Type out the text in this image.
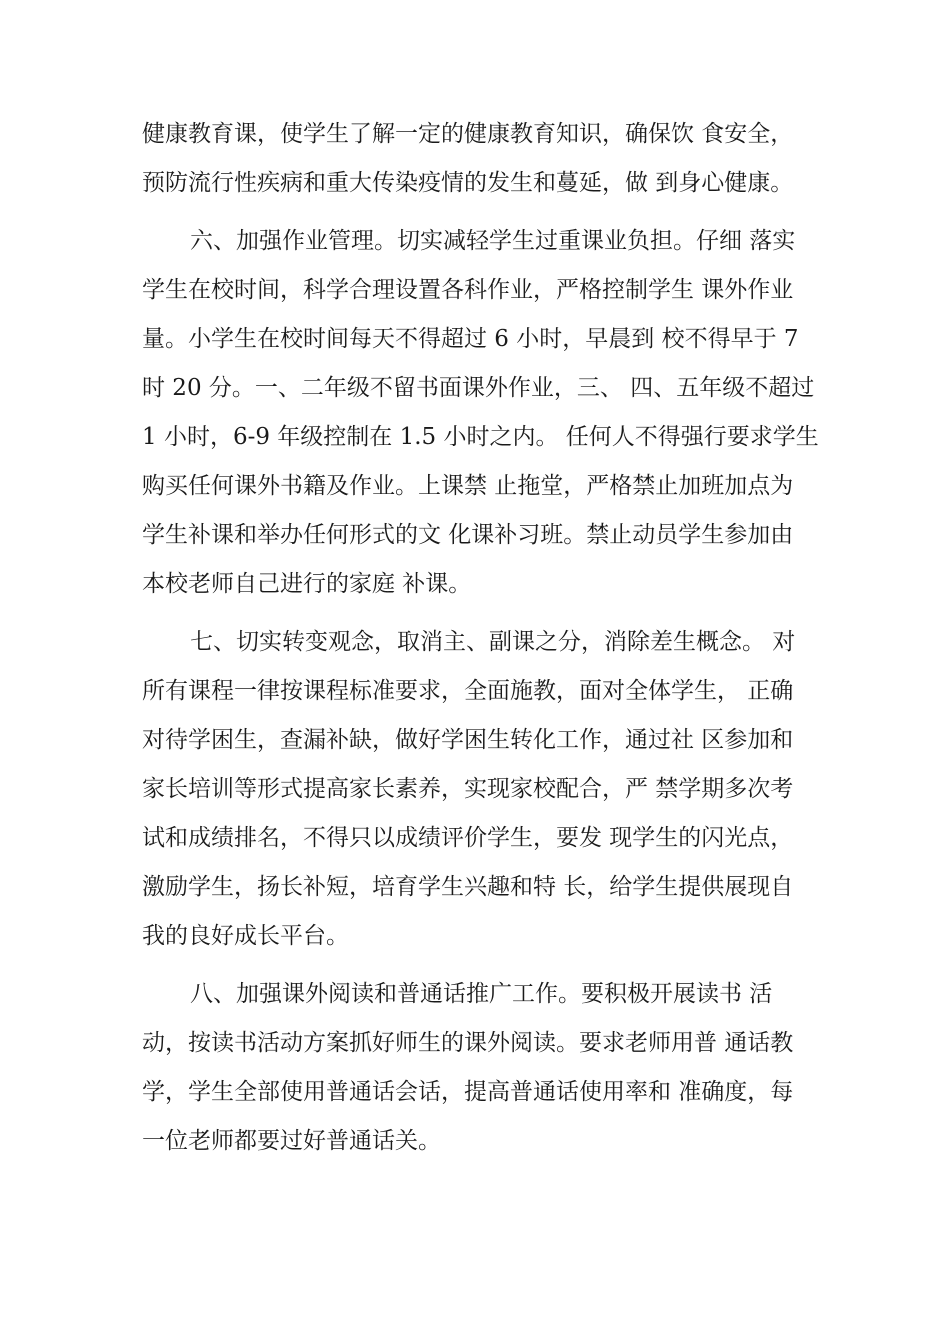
健康教育课，使学生了解一定的健康教育知识，确保饮 食安全，
预防流行性疾病和重大传染疫情的发生和蔓延，做 到身心健康。
六、加强作业管理。切实减轻学生过重课业负担。仔细 落实
学生在校时间，科学合理设置各科作业，严格控制学生 课外作业
量。小学生在校时间每天不得超过 6 小时，早晨到 校不得早于 7
时 20 分。一、二年级不留书面课外作业，三、 四、五年级不超过
1 小时，6-9 年级控制在 1.5 小时之内。 任何人不得强行要求学生
购买任何课外书籍及作业。上课禁 止拖堂，严格禁止加班加点为
学生补课和举办任何形式的文 化课补习班。禁止动员学生参加由
本校老师自己进行的家庭 补课。
七、切实转变观念，取消主、副课之分，消除差生概念。 对
所有课程一律按课程标准要求，全面施教，面对全体学生， 正确
对待学困生，查漏补缺，做好学困生转化工作，通过社 区参加和
家长培训等形式提高家长素养，实现家校配合，严 禁学期多次考
试和成绩排名，不得只以成绩评价学生，要发 现学生的闪光点，
激励学生，扬长补短，培育学生兴趣和特 长，给学生提供展现自
我的良好成长平台。
八、加强课外阅读和普通话推广工作。要积极开展读书 活
动，按读书活动方案抓好师生的课外阅读。要求老师用普 通话教
学，学生全部使用普通话会话，提高普通话使用率和 准确度，每
一位老师都要过好普通话关。
